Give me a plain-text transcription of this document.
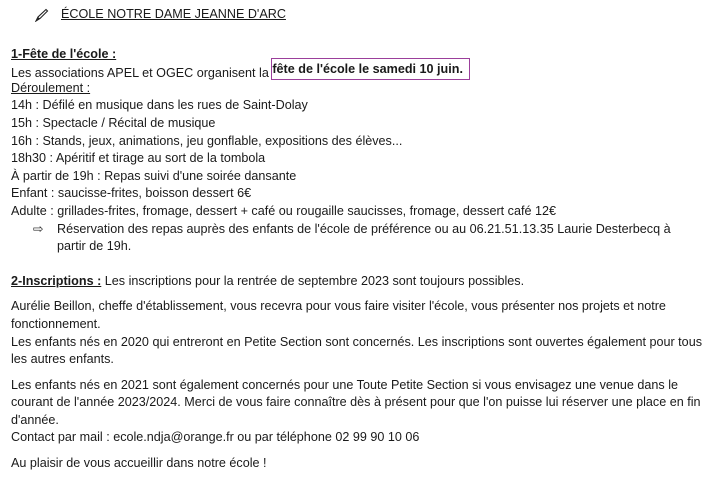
ÉCOLE NOTRE DAME JEANNE D'ARC

1-Fête de l'école :

Les associations APEL et OGEC organisent la fête de l'école le samedi 10 juin.

Déroulement :

14h : Défilé en musique dans les rues de Saint-Dolay

15h : Spectacle / Récital de musique

16h : Stands, jeux, animations, jeu gonflable, expositions des élèves...

18h30 : Apéritif et tirage au sort de la tombola

À partir de 19h : Repas suivi d'une soirée dansante

Enfant : saucisse-frites, boisson dessert 6€

Adulte : grillades-frites, fromage, dessert + café ou rougaille saucisses, fromage, dessert café 12€

⇨	Réservation des repas auprès des enfants de l'école de préférence ou au 06.21.51.13.35 Laurie Desterbecq à partir de 19h.

2-Inscriptions : Les inscriptions pour la rentrée de septembre 2023 sont toujours possibles.

Aurélie Beillon, cheffe d'établissement, vous recevra pour vous faire visiter l'école, vous présenter nos projets et notre fonctionnement.

Les enfants nés en 2020 qui entreront en Petite Section sont concernés. Les inscriptions sont ouvertes également pour tous les autres enfants.

Les enfants nés en 2021 sont également concernés pour une Toute Petite Section si vous envisagez une venue dans le courant de l'année 2023/2024. Merci de vous faire connaître dès à présent pour que l'on puisse lui réserver une place en fin d'année.

Contact par mail : ecole.ndja@orange.fr ou par téléphone 02 99 90 10 06

Au plaisir de vous accueillir dans notre école !
